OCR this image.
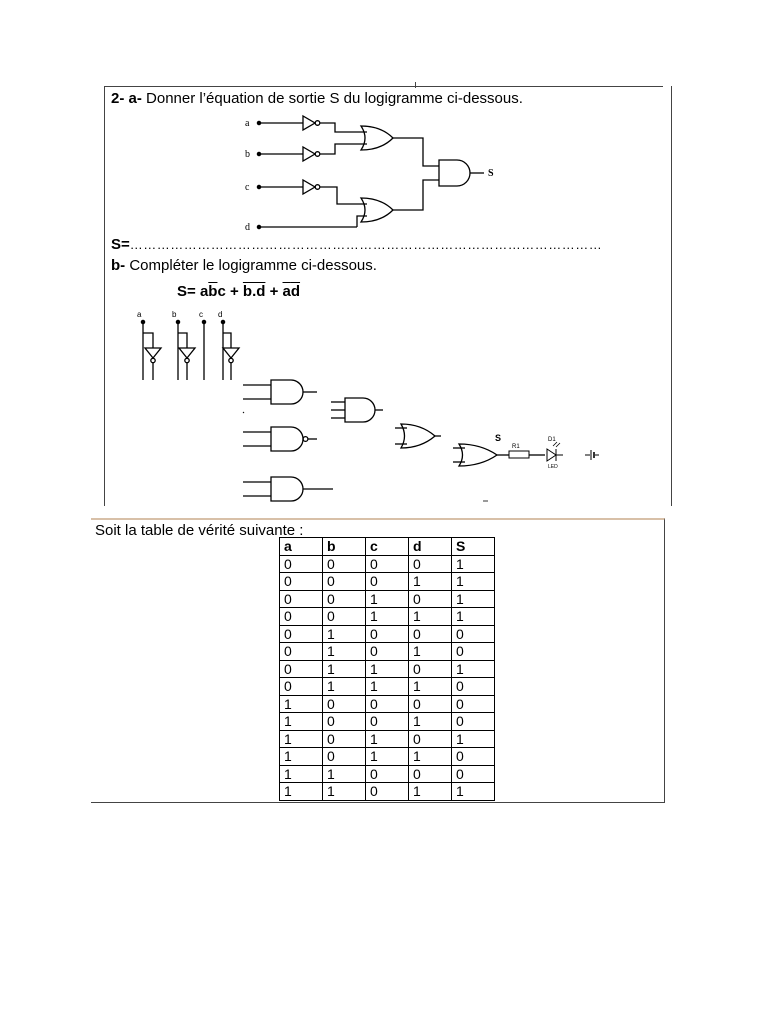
2- a- Donner l’équation de sortie S du logigramme ci-dessous.
a
b
c
d
S
a	b	c d
S
R1
D1
LED
S=……………………………………………………………………………………………
b- Compléter le logigramme ci-dessous.
$S= a\overline{b}c + b.d + \overline{a}\overline{d}$
Soit la table de vérité suivante :
a	b	c	d	S
0	0	0	0	1
0	0	0	1	1
0	0	1	0	1
0	0	1	1	1
0	1	0	0	0
0	1	0	1	0
0	1	1	0	1
0	1	1	1	0
1	0	0	0	0
1	0	0	1	0
1	0	1	0	1
1	0	1	1	0
1	1	0	0	0
1	1	0	1	1
